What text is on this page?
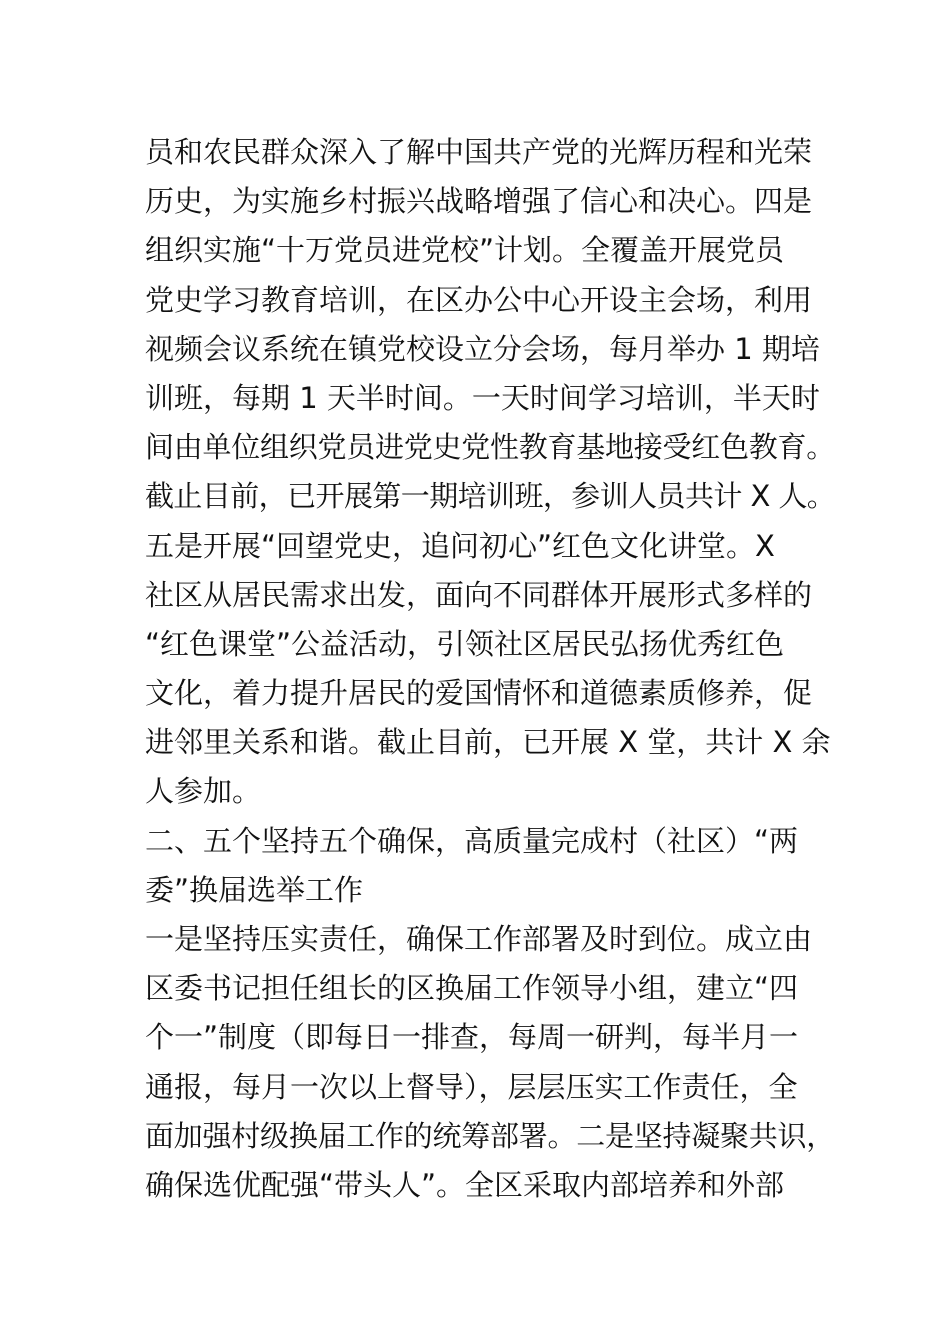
员和农民群众深入了解中国共产党的光辉历程和光荣
历史，为实施乡村振兴战略增强了信心和决心。四是
组织实施“十万党员进党校”计划。全覆盖开展党员
党史学习教育培训，在区办公中心开设主会场，利用
视频会议系统在镇党校设立分会场，每月举办 1 期培
训班，每期 1 天半时间。一天时间学习培训，半天时
间由单位组织党员进党史党性教育基地接受红色教育。
截止目前，已开展第一期培训班，参训人员共计 X 人。
五是开展“回望党史，追问初心”红色文化讲堂。X
社区从居民需求出发，面向不同群体开展形式多样的
“红色课堂”公益活动，引领社区居民弘扬优秀红色
文化，着力提升居民的爱国情怀和道德素质修养，促
进邻里关系和谐。截止目前，已开展 X 堂，共计 X 余
人参加。
二、五个坚持五个确保，高质量完成村（社区）“两
委”换届选举工作
一是坚持压实责任，确保工作部署及时到位。成立由
区委书记担任组长的区换届工作领导小组，建立“四
个一”制度（即每日一排查，每周一研判，每半月一
通报，每月一次以上督导），层层压实工作责任，全
面加强村级换届工作的统筹部署。二是坚持凝聚共识，
确保选优配强“带头人”。全区采取内部培养和外部
